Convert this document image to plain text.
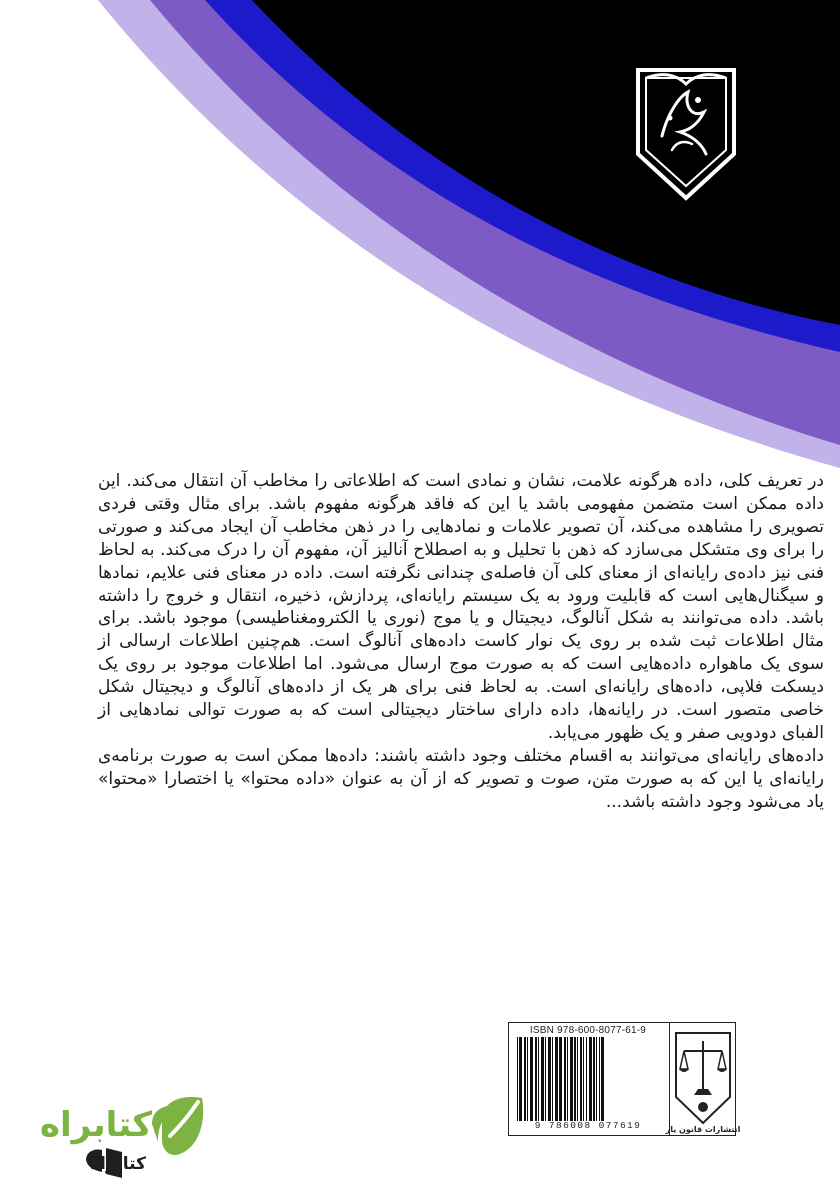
در تعریف کلی، داده هرگونه علامت، نشان و نمادی است که اطلاعاتی را مخاطب آن انتقال می‌کند. این داده ممکن است متضمن مفهومی باشد یا این که فاقد هرگونه مفهوم باشد. برای مثال وقتی فردی تصویری را مشاهده می‌کند، آن تصویر علامات و نمادهایی را در ذهن مخاطب آن ایجاد می‌کند و صورتی را برای وی متشکل می‌سازد که ذهن با تحلیل و به اصطلاح آنالیز آن، مفهوم آن را درک می‌کند. به لحاظ فنی نیز داده‌ی رایانه‌ای از معنای کلی آن فاصله‌ی چندانی نگرفته است. داده در معنای فنی علایم، نمادها و سیگنال‌هایی است که قابلیت ورود به یک سیستم رایانه‌ای، پردازش، ذخیره، انتقال و خروج را داشته باشد. داده می‌توانند به شکل آنالوگ، دیجیتال و یا موج (نوری یا الکترومغناطیسی) موجود باشد. برای مثال اطلاعات ثبت شده بر روی یک نوار کاست داده‌های آنالوگ است. هم‌چنین اطلاعات ارسالی از سوی یک ماهواره داده‌هایی است که به صورت موج ارسال می‌شود. اما اطلاعات موجود بر روی یک دیسکت فلاپی، داده‌های رایانه‌ای است. به لحاظ فنی برای هر یک از داده‌های آنالوگ و دیجیتال شکل خاصی متصور است. در رایانه‌ها، داده دارای ساختار دیجیتالی است که به صورت توالی نمادهایی از الفبای دودویی صفر و یک ظهور می‌یابد.

داده‌های رایانه‌ای می‌توانند به اقسام مختلف وجود داشته باشند: داده‌ها ممکن است به صورت برنامه‌ی رایانه‌ای یا این که به صورت متن، صوت و تصویر که از آن به عنوان «داده محتوا» یا اختصارا «محتوا» یاد می‌شود وجود داشته باشد...

ISBN 978-600-8077-61-9
9 786008 077619	انتشارات قانون یار
کتابراه
کتابراه
